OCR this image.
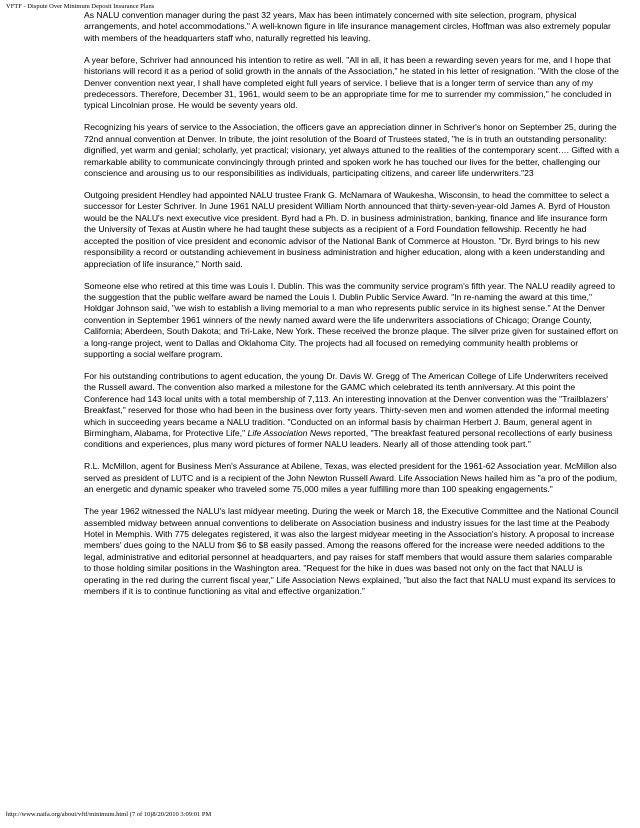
VFTF - Dispute Over Minimum Deposit Insurance Plans

As NALU convention manager during the past 32 years, Max has been intimately concerned with site selection, program, physical arrangements, and hotel accommodations." A well-known figure in life insurance management circles, Hoffman was also extremely popular with members of the headquarters staff who, naturally regretted his leaving.

A year before, Schriver had announced his intention to retire as well. "All in all, it has been a rewarding seven years for me, and I hope that historians will record it as a period of solid growth in the annals of the Association," he stated in his letter of resignation. "With the close of the Denver convention next year, I shall have completed eight full years of service. I believe that is a longer term of service than any of my predecessors. Therefore, December 31, 1961, would seem to be an appropriate time for me to surrender my commission," he concluded in typical Lincolnian prose. He would be seventy years old.

Recognizing his years of service to the Association, the officers gave an appreciation dinner in Schriver's honor on September 25, during the 72nd annual convention at Denver. In tribute, the joint resolution of the Board of Trustees stated, "he is in truth an outstanding personality: dignified, yet warm and genial; scholarly, yet practical; visionary, yet always attuned to the realities of the contemporary scent…. Gifted with a remarkable ability to communicate convincingly through printed and spoken work he has touched our lives for the better, challenging our conscience and arousing us to our responsibilities as individuals, participating citizens, and career life underwriters."23

Outgoing president Hendley had appointed NALU trustee Frank G. McNamara of Waukesha, Wisconsin, to head the committee to select a successor for Lester Schriver. In June 1961 NALU president William North announced that thirty-seven-year-old James A. Byrd of Houston would be the NALU's next executive vice president. Byrd had a Ph. D. in business administration, banking, finance and life insurance form the University of Texas at Austin where he had taught these subjects as a recipient of a Ford Foundation fellowship. Recently he had accepted the position of vice president and economic advisor of the National Bank of Commerce at Houston. "Dr. Byrd brings to his new responsibility a record or outstanding achievement in business administration and higher education, along with a keen understanding and appreciation of life insurance," North said.

Someone else who retired at this time was Louis I. Dublin. This was the community service program's fifth year. The NALU readily agreed to the suggestion that the public welfare award be named the Louis I. Dublin Public Service Award. "In re-naming the award at this time," Holdgar Johnson said, "we wish to establish a living memorial to a man who represents public service in its highest sense." At the Denver convention in September 1961 winners of the newly named award were the life underwriters associations of Chicago; Orange County, California; Aberdeen, South Dakota; and Tri-Lake, New York. These received the bronze plaque. The silver prize given for sustained effort on a long-range project, went to Dallas and Oklahoma City. The projects had all focused on remedying community health problems or supporting a social welfare program.

For his outstanding contributions to agent education, the young Dr. Davis W. Gregg of The American College of Life Underwriters received the Russell award. The convention also marked a milestone for the GAMC which celebrated its tenth anniversary. At this point the Conference had 143 local units with a total membership of 7,113. An interesting innovation at the Denver convention was the "Trailblazers' Breakfast," reserved for those who had been in the business over forty years. Thirty-seven men and women attended the informal meeting which in succeeding years became a NALU tradition. "Conducted on an informal basis by chairman Herbert J. Baum, general agent in Birmingham, Alabama, for Protective Life," Life Association News reported, "The breakfast featured personal recollections of early business conditions and experiences, plus many word pictures of former NALU leaders. Nearly all of those attending took part."

R.L. McMillon, agent for Business Men's Assurance at Abilene, Texas, was elected president for the 1961-62 Association year. McMillon also served as president of LUTC and is a recipient of the John Newton Russell Award. Life Association News hailed him as "a pro of the podium, an energetic and dynamic speaker who traveled some 75,000 miles a year fulfilling more than 100 speaking engagements."

The year 1962 witnessed the NALU's last midyear meeting. During the week or March 18, the Executive Committee and the National Council assembled midway between annual conventions to deliberate on Association business and industry issues for the last time at the Peabody Hotel in Memphis. With 775 delegates registered, it was also the largest midyear meeting in the Association's history. A proposal to increase members' dues going to the NALU from $6 to $8 easily passed. Among the reasons offered for the increase were needed additions to the legal, administrative and editorial personnel at headquarters, and pay raises for staff members that would assure them salaries comparable to those holding similar positions in the Washington area. "Request for the hike in dues was based not only on the fact that NALU is operating in the red during the current fiscal year," Life Association News explained, "but also the fact that NALU must expand its services to members if it is to continue functioning as vital and effective organization."

http://www.naifa.org/about/vftf/minimum.html (7 of 10)8/20/2010 3:09:01 PM
